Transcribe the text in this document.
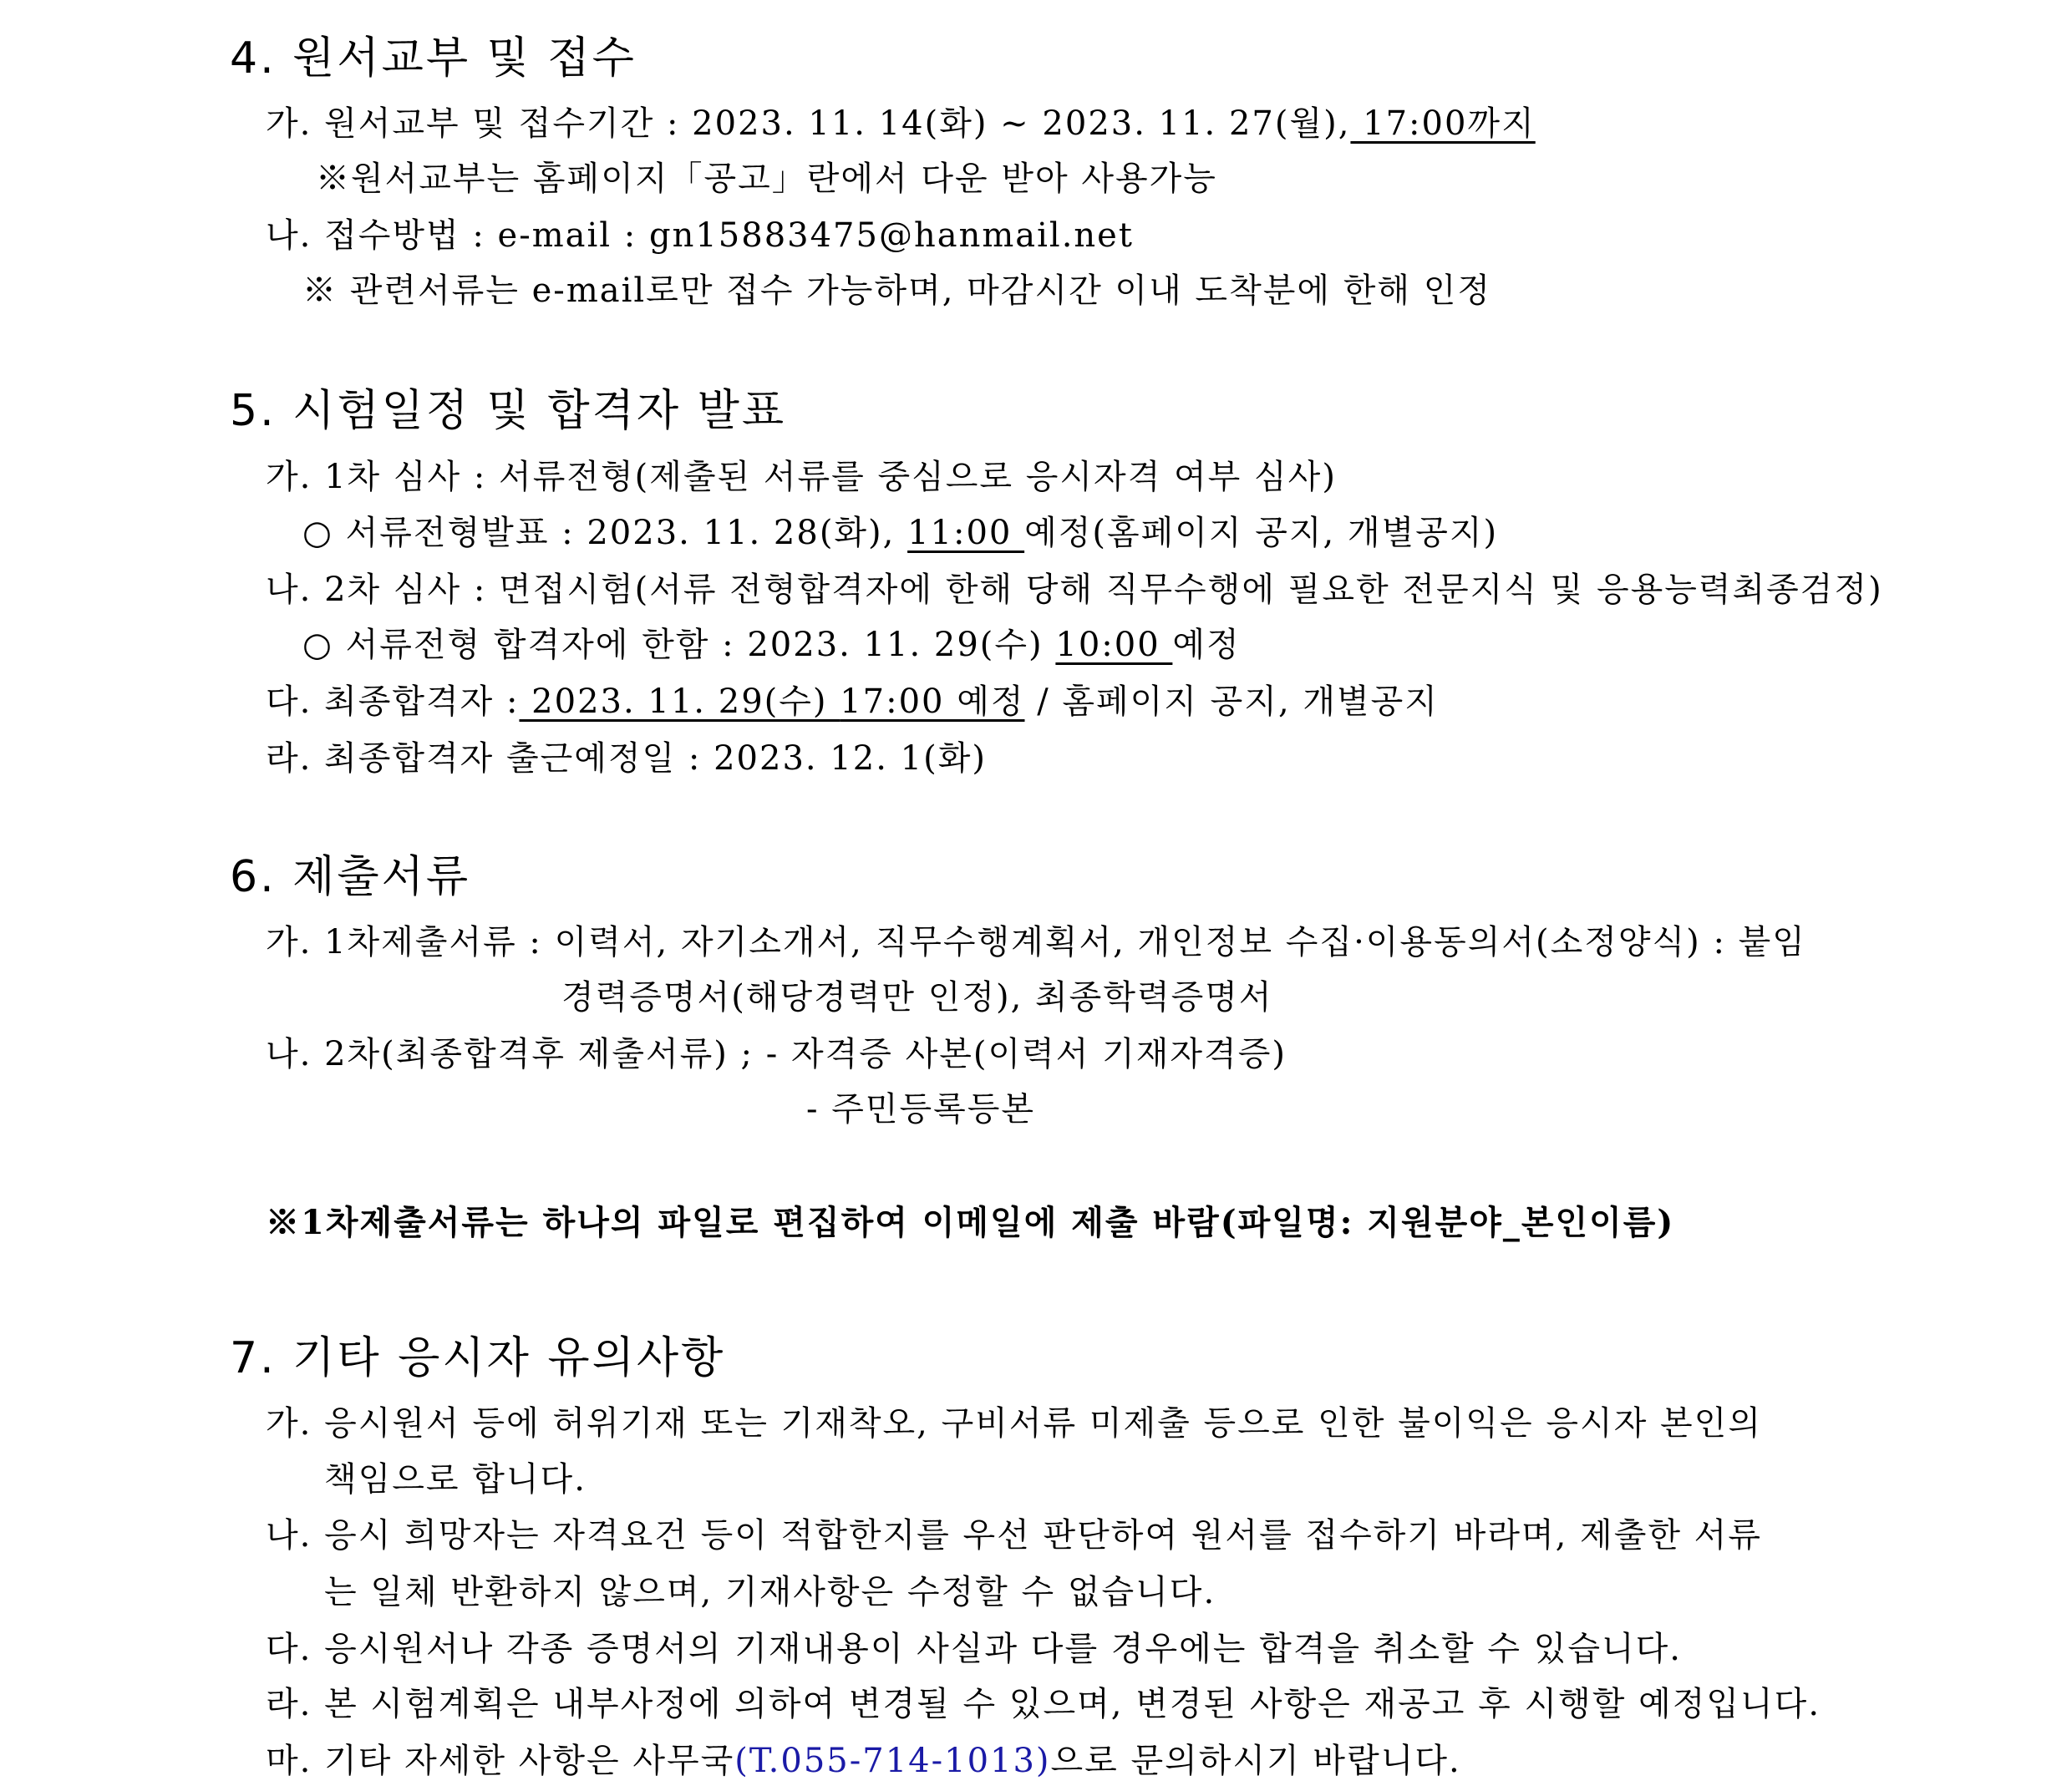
4. 원서교부 및 접수
가. 원서교부 및 접수기간 : 2023. 11. 14(화) ~ 2023. 11. 27(월), 17:00까지
※원서교부는 홈페이지「공고」란에서 다운 받아 사용가능
나. 접수방법 : e-mail : gn15883475@hanmail.net
※ 관련서류는 e-mail로만 접수 가능하며, 마감시간 이내 도착분에 한해 인정
5. 시험일정 및 합격자 발표
가. 1차 심사 : 서류전형(제출된 서류를 중심으로 응시자격 여부 심사)
○ 서류전형발표 : 2023. 11. 28(화), 11:00 예정(홈페이지 공지, 개별공지)
나. 2차 심사 : 면접시험(서류 전형합격자에 한해 당해 직무수행에 필요한 전문지식 및 응용능력최종검정)
○ 서류전형 합격자에 한함 : 2023. 11. 29(수) 10:00 예정
다. 최종합격자 : 2023. 11. 29(수) 17:00 예정 / 홈페이지 공지, 개별공지
라. 최종합격자 출근예정일 : 2023. 12. 1(화)
6. 제출서류
가. 1차제출서류 : 이력서, 자기소개서, 직무수행계획서, 개인정보 수집·이용동의서(소정양식) : 붙임
경력증명서(해당경력만 인정), 최종학력증명서
나. 2차(최종합격후 제출서류) ; - 자격증 사본(이력서 기재자격증)
- 주민등록등본
※1차제출서류는 하나의 파일로 편집하여 이메일에 제출 바람(파일명: 지원분야_본인이름)
7. 기타 응시자 유의사항
가. 응시원서 등에 허위기재 또는 기재착오, 구비서류 미제출 등으로 인한 불이익은 응시자 본인의
책임으로 합니다.
나. 응시 희망자는 자격요건 등이 적합한지를 우선 판단하여 원서를 접수하기 바라며, 제출한 서류
는 일체 반환하지 않으며, 기재사항은 수정할 수 없습니다.
다. 응시원서나 각종 증명서의 기재내용이 사실과 다를 경우에는 합격을 취소할 수 있습니다.
라. 본 시험계획은 내부사정에 의하여 변경될 수 있으며, 변경된 사항은 재공고 후 시행할 예정입니다.
마. 기타 자세한 사항은 사무국(T.055-714-1013)으로 문의하시기 바랍니다.
